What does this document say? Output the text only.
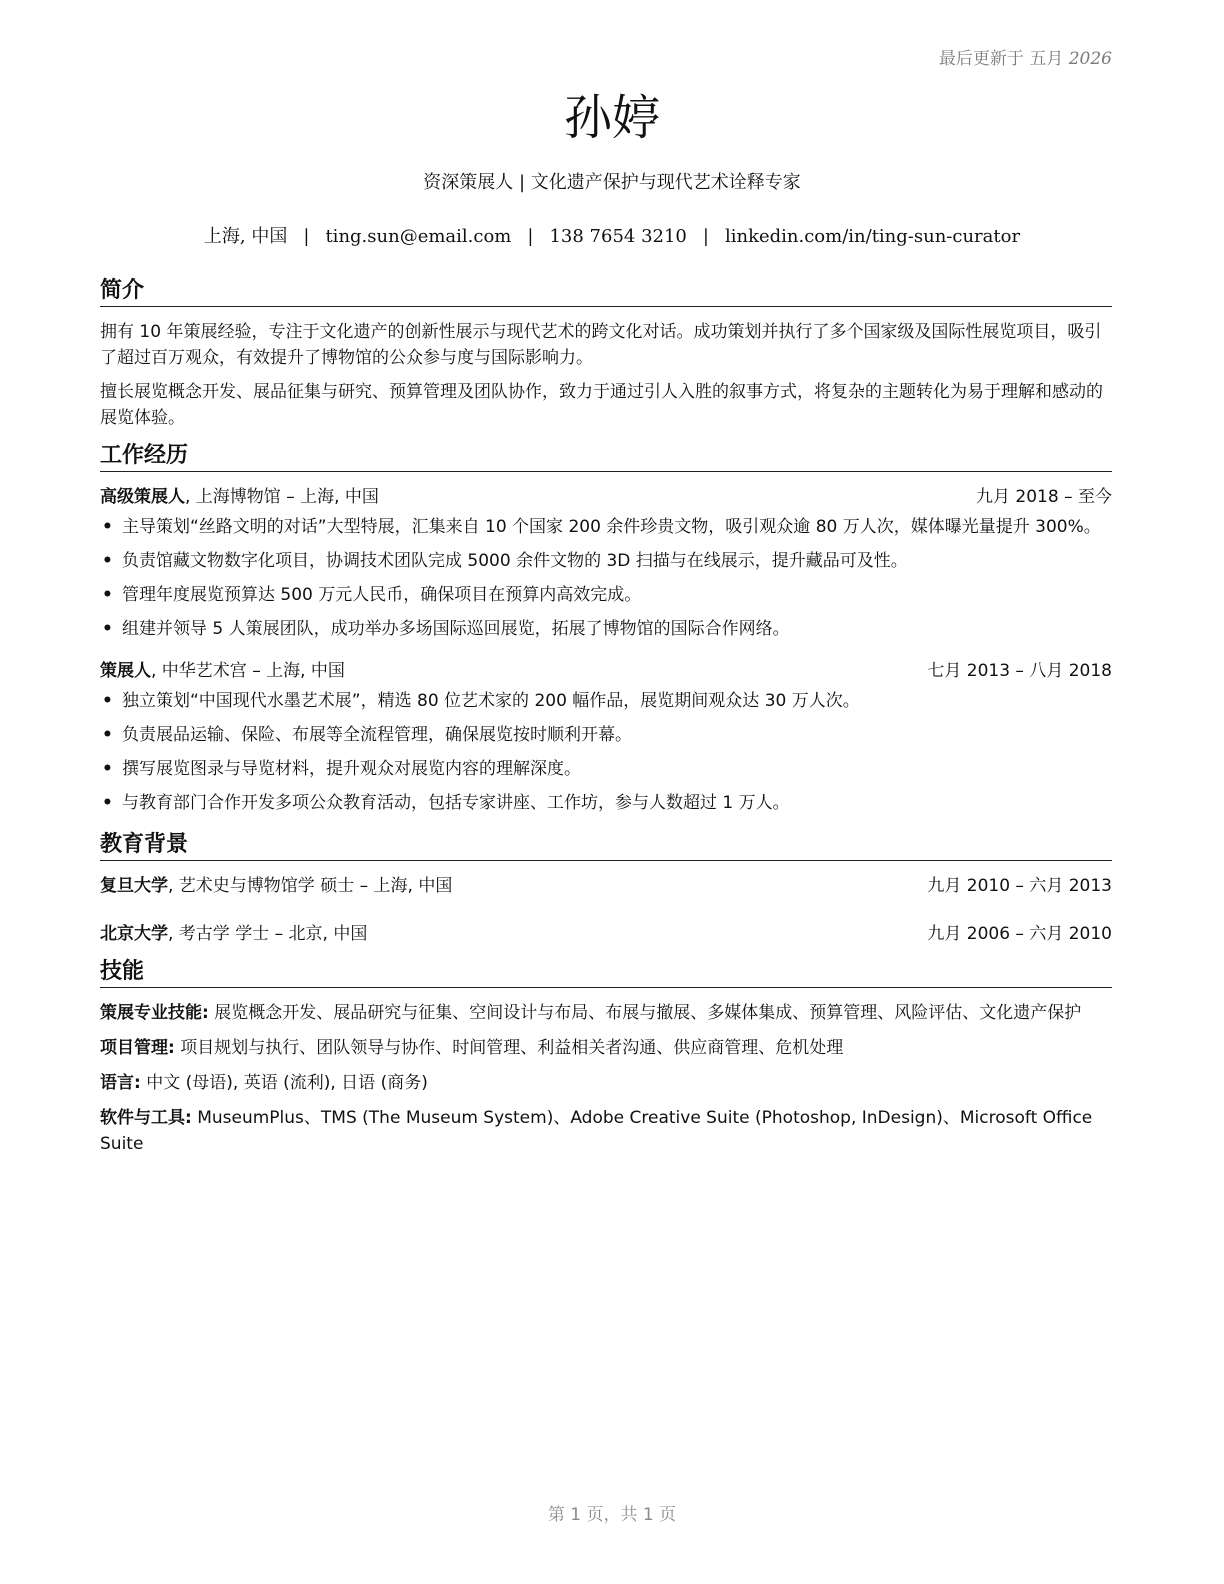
最后更新于 五月 2026
孙婷
资深策展人 | 文化遗产保护与现代艺术诠释专家
上海, 中国 | ting.sun@email.com | 138 7654 3210 | linkedin.com/in/ting-sun-curator
简介

拥有 10 年策展经验，专注于文化遗产的创新性展示与现代艺术的跨文化对话。成功策划并执行了多个国家级及国际性展览项目，吸引了超过百万观众，有效提升了博物馆的公众参与度与国际影响力。

擅长展览概念开发、展品征集与研究、预算管理及团队协作，致力于通过引人入胜的叙事方式，将复杂的主题转化为易于理解和感动的展览体验。

工作经历
高级策展人, 上海博物馆 – 上海, 中国	九月 2018 – 至今
• 主导策划“丝路文明的对话”大型特展，汇集来自 10 个国家 200 余件珍贵文物，吸引观众逾 80 万人次，媒体曝光量提升 300%。
• 负责馆藏文物数字化项目，协调技术团队完成 5000 余件文物的 3D 扫描与在线展示，提升藏品可及性。
• 管理年度展览预算达 500 万元人民币，确保项目在预算内高效完成。
• 组建并领导 5 人策展团队，成功举办多场国际巡回展览，拓展了博物馆的国际合作网络。
策展人, 中华艺术宫 – 上海, 中国	七月 2013 – 八月 2018
• 独立策划“中国现代水墨艺术展”，精选 80 位艺术家的 200 幅作品，展览期间观众达 30 万人次。
• 负责展品运输、保险、布展等全流程管理，确保展览按时顺利开幕。
• 撰写展览图录与导览材料，提升观众对展览内容的理解深度。
• 与教育部门合作开发多项公众教育活动，包括专家讲座、工作坊，参与人数超过 1 万人。
教育背景
复旦大学, 艺术史与博物馆学 硕士 – 上海, 中国	九月 2010 – 六月 2013
北京大学, 考古学 学士 – 北京, 中国	九月 2006 – 六月 2010
技能
策展专业技能: 展览概念开发、展品研究与征集、空间设计与布局、布展与撤展、多媒体集成、预算管理、风险评估、文化遗产保护
项目管理: 项目规划与执行、团队领导与协作、时间管理、利益相关者沟通、供应商管理、危机处理
语言: 中文 (母语), 英语 (流利), 日语 (商务)
软件与工具: MuseumPlus、TMS (The Museum System)、Adobe Creative Suite (Photoshop, InDesign)、Microsoft Office Suite
第 1 页，共 1 页
